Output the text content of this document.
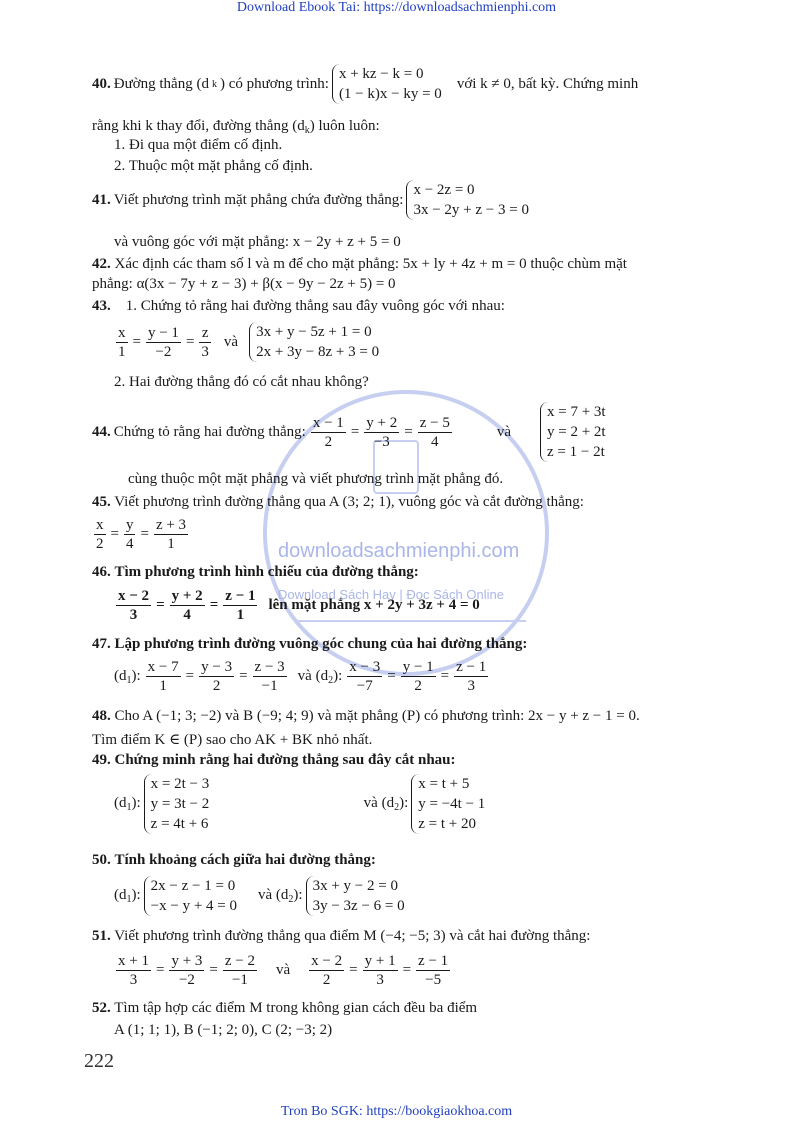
Download Ebook Tai: https://downloadsachmienphi.com
downloadsachmienphi.com
Download Sách Hay | Đọc Sách Online
40. Đường thẳng (d k ) có phương trình:
x + kz − k = 0
(1 − k)x − ky = 0
với k ≠ 0, bất kỳ. Chứng minh
rằng khi k thay đổi, đường thẳng $(d_k)$ luôn luôn:
1. Đi qua một điểm cố định.
2. Thuộc một mặt phẳng cố định.
41. Viết phương trình mặt phẳng chứa đường thẳng:
x − 2z = 0
3x − 2y + z − 3 = 0
và vuông góc với mặt phẳng: x − 2y + z + 5 = 0
42. Xác định các tham số l và m để cho mặt phẳng: 5x + ly + 4z + m = 0 thuộc chùm mặt
phẳng: α(3x − 7y + z − 3) + β(x − 9y − 2z + 5) = 0
43. 1. Chứng tỏ rằng hai đường thẳng sau đây vuông góc với nhau:
$\frac{x}{1} = \frac{y - 1}{-2} = \frac{z}{3}$ và
3x + y − 5z + 1 = 0
2x + 3y − 8z + 3 = 0
2. Hai đường thẳng đó có cắt nhau không?
44. Chứng tỏ rằng hai đường thẳng: $\frac{x - 1}{2} = \frac{y + 2}{-3} = \frac{z - 5}{4}$	và
x = 7 + 3t
y = 2 + 2t
z = 1 − 2t
cùng thuộc một mặt phẳng và viết phương trình mặt phẳng đó.
45. Viết phương trình đường thẳng qua A (3; 2; 1), vuông góc và cắt đường thẳng:
$\frac{x}{2} = \frac{y}{4} = \frac{z + 3}{1}$
46. Tìm phương trình hình chiếu của đường thẳng:
$\frac{x - 2}{3} = \frac{y + 2}{4} = \frac{z - 1}{1}$ lên mặt phẳng x + 2y + 3z + 4 = 0
47. Lập phương trình đường vuông góc chung của hai đường thẳng:
$(d_1)$: $\frac{x - 7}{1} = \frac{y - 3}{2} = \frac{z - 3}{-1}$ và $(d_2)$: $\frac{x - 3}{-7} = \frac{y - 1}{2} = \frac{z - 1}{3}$
48. Cho A (−1; 3; −2) và B (−9; 4; 9) và mặt phẳng (P) có phương trình: 2x − y + z − 1 = 0.
Tìm điểm K ∈ (P) sao cho AK + BK nhỏ nhất.
49. Chứng minh rằng hai đường thẳng sau đây cắt nhau:
$(d_1)$:
x = 2t − 3
y = 3t − 2
z = 4t + 6
và $(d_2)$:
x = t + 5
y = −4t − 1
z = t + 20
50. Tính khoảng cách giữa hai đường thẳng:
$(d_1)$:
2x − z − 1 = 0
−x − y + 4 = 0
và $(d_2)$:
3x + y − 2 = 0
3y − 3z − 6 = 0
51. Viết phương trình đường thẳng qua điểm M (−4; −5; 3) và cắt hai đường thẳng:
$\frac{x + 1}{3} = \frac{y + 3}{-2} = \frac{z - 2}{-1}$ và $\frac{x - 2}{2} = \frac{y + 1}{3} = \frac{z - 1}{-5}$
52. Tìm tập hợp các điểm M trong không gian cách đều ba điểm
A (1; 1; 1), B (−1; 2; 0), C (2; −3; 2)
222
Tron Bo SGK: https://bookgiaokhoa.com
